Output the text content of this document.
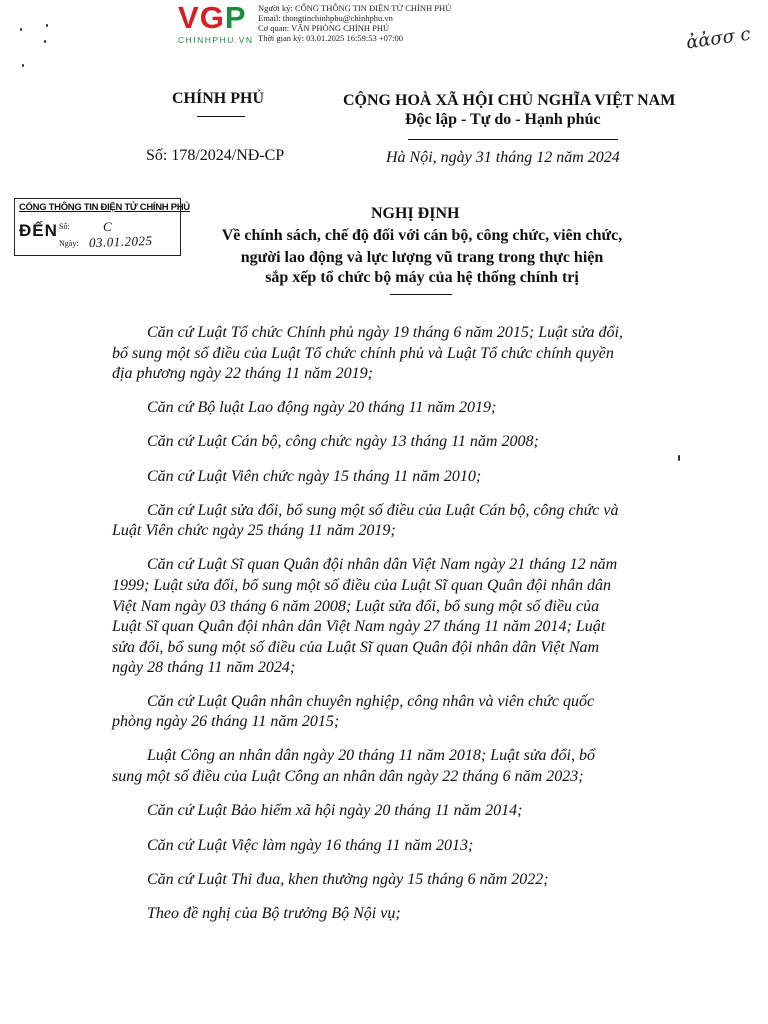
VGP
CHINHPHU.VN
Người ký: CỔNG THÔNG TIN ĐIỆN TỬ CHÍNH PHỦ
Email: thongtinchinhphu@chinhphu.vn
Cơ quan: VĂN PHÒNG CHÍNH PHỦ
Thời gian ký: 03.01.2025 16:59:53 +07:00	ἀἀσσ ϲ
CHÍNH PHỦ	CỘNG HOÀ XÃ HỘI CHỦ NGHĨA VIỆT NAM
Độc lập - Tự do - Hạnh phúc
Số: 178/2024/NĐ-CP	Hà Nội, ngày 31 tháng 12 năm 2024
CỔNG THÔNG TIN ĐIỆN TỬ CHÍNH PHỦ
ĐẾN Số:	C
Ngày: 03.01.2025
NGHỊ ĐỊNH
Về chính sách, chế độ đối với cán bộ, công chức, viên chức,
người lao động và lực lượng vũ trang trong thực hiện
sắp xếp tổ chức bộ máy của hệ thống chính trị
Căn cứ Luật Tổ chức Chính phủ ngày 19 tháng 6 năm 2015; Luật sửa đổi,
bổ sung một số điều của Luật Tổ chức chính phủ và Luật Tổ chức chính quyền
địa phương ngày 22 tháng 11 năm 2019;
Căn cứ Bộ luật Lao động ngày 20 tháng 11 năm 2019;
Căn cứ Luật Cán bộ, công chức ngày 13 tháng 11 năm 2008;
Căn cứ Luật Viên chức ngày 15 tháng 11 năm 2010;
Căn cứ Luật sửa đổi, bổ sung một số điều của Luật Cán bộ, công chức và
Luật Viên chức ngày 25 tháng 11 năm 2019;
Căn cứ Luật Sĩ quan Quân đội nhân dân Việt Nam ngày 21 tháng 12 năm
1999; Luật sửa đổi, bổ sung một số điều của Luật Sĩ quan Quân đội nhân dân
Việt Nam ngày 03 tháng 6 năm 2008; Luật sửa đổi, bổ sung một số điều của
Luật Sĩ quan Quân đội nhân dân Việt Nam ngày 27 tháng 11 năm 2014; Luật
sửa đổi, bổ sung một số điều của Luật Sĩ quan Quân đội nhân dân Việt Nam
ngày 28 tháng 11 năm 2024;
Căn cứ Luật Quân nhân chuyên nghiệp, công nhân và viên chức quốc
phòng ngày 26 tháng 11 năm 2015;
Luật Công an nhân dân ngày 20 tháng 11 năm 2018; Luật sửa đổi, bổ
sung một số điều của Luật Công an nhân dân ngày 22 tháng 6 năm 2023;
Căn cứ Luật Bảo hiểm xã hội ngày 20 tháng 11 năm 2014;
Căn cứ Luật Việc làm ngày 16 tháng 11 năm 2013;
Căn cứ Luật Thi đua, khen thưởng ngày 15 tháng 6 năm 2022;
Theo đề nghị của Bộ trưởng Bộ Nội vụ;
